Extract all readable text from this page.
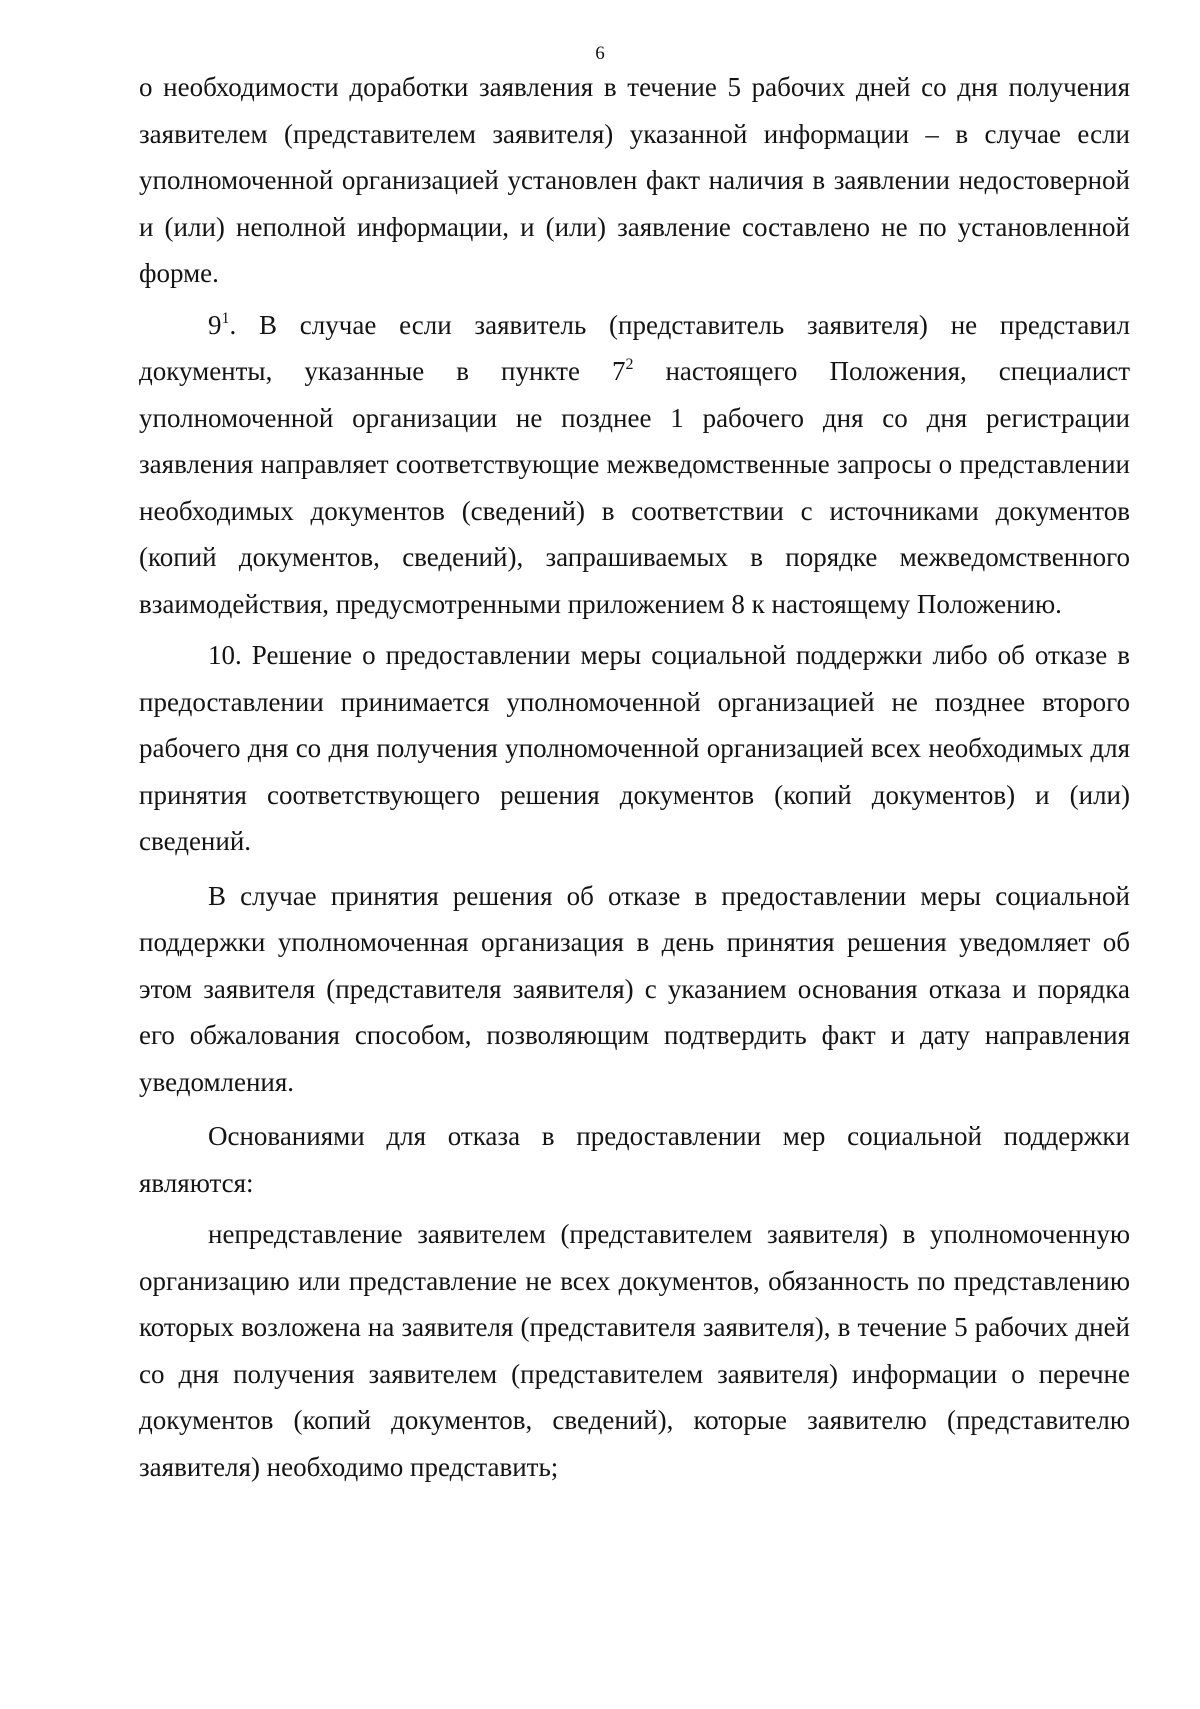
6

о необходимости доработки заявления в течение 5 рабочих дней со дня получения заявителем (представителем заявителя) указанной информации – в случае если уполномоченной организацией установлен факт наличия в заявлении недостоверной и (или) неполной информации, и (или) заявление составлено не по установленной форме.

$9^1$. В случае если заявитель (представитель заявителя) не представил документы, указанные в пункте $7^2$ настоящего Положения, специалист уполномоченной организации не позднее 1 рабочего дня со дня регистрации заявления направляет соответствующие межведомственные запросы о представлении необходимых документов (сведений) в соответствии с источниками документов (копий документов, сведений), запрашиваемых в порядке межведомственного взаимодействия, предусмотренными приложением 8 к настоящему Положению.

10. Решение о предоставлении меры социальной поддержки либо об отказе в предоставлении принимается уполномоченной организацией не позднее второго рабочего дня со дня получения уполномоченной организацией всех необходимых для принятия соответствующего решения документов (копий документов) и (или) сведений.

В случае принятия решения об отказе в предоставлении меры социальной поддержки уполномоченная организация в день принятия решения уведомляет об этом заявителя (представителя заявителя) с указанием основания отказа и порядка его обжалования способом, позволяющим подтвердить факт и дату направления уведомления.

Основаниями для отказа в предоставлении мер социальной поддержки являются:

непредставление заявителем (представителем заявителя) в уполномоченную организацию или представление не всех документов, обязанность по представлению которых возложена на заявителя (представителя заявителя), в течение 5 рабочих дней со дня получения заявителем (представителем заявителя) информации о перечне документов (копий документов, сведений), которые заявителю (представителю заявителя) необходимо представить;
